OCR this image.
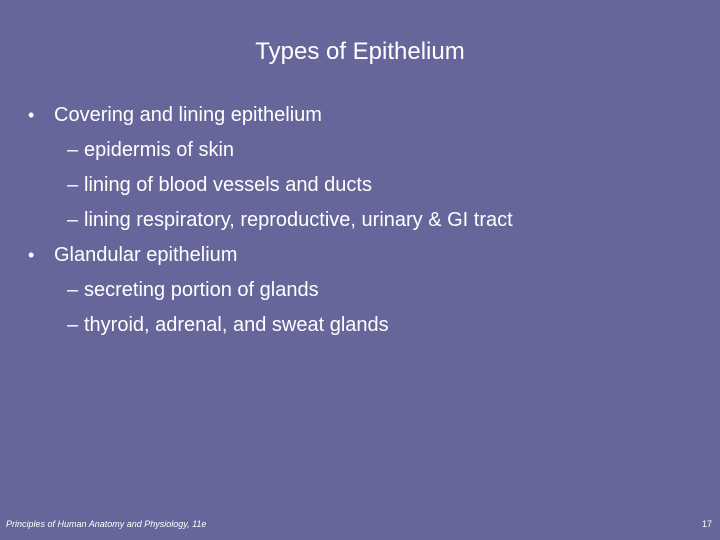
Types of Epithelium
• Covering and lining epithelium
– epidermis of skin
– lining of blood vessels and ducts
– lining respiratory, reproductive, urinary & GI tract
• Glandular epithelium
– secreting portion of glands
– thyroid, adrenal, and sweat glands
Principles of Human Anatomy and Physiology, 11e	17
